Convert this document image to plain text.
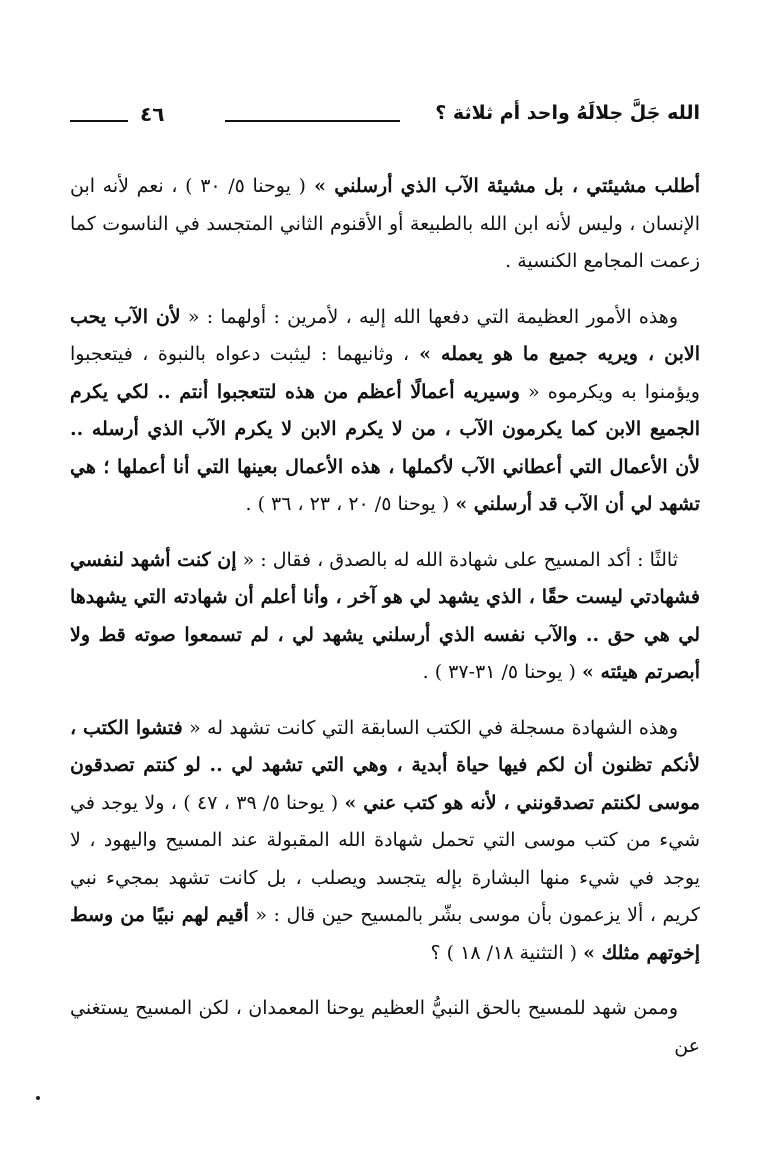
الله جَلَّ جلالَهُ واحد أم ثلاثة ؟
٤٦

أطلب مشيئتي ، بل مشيئة الآب الذي أرسلني » ( يوحنا ٥/ ٣٠ ) ، نعم لأنه ابن الإنسان ، وليس لأنه ابن الله بالطبيعة أو الأقنوم الثاني المتجسد في الناسوت كما زعمت المجامع الكنسية .

وهذه الأمور العظيمة التي دفعها الله إليه ، لأمرين : أولهما : « لأن الآب يحب الابن ، ويريه جميع ما هو يعمله » ، وثانيهما : ليثبت دعواه بالنبوة ، فيتعجبوا ويؤمنوا به ويكرموه « وسيريه أعمالًا أعظم من هذه لتتعجبوا أنتم .. لكي يكرم الجميع الابن كما يكرمون الآب ، من لا يكرم الابن لا يكرم الآب الذي أرسله .. لأن الأعمال التي أعطاني الآب لأكملها ، هذه الأعمال بعينها التي أنا أعملها ؛ هي تشهد لي أن الآب قد أرسلني » ( يوحنا ٥/ ٢٠ ، ٢٣ ، ٣٦ ) .

ثالثًا : أكد المسيح على شهادة الله له بالصدق ، فقال : « إن كنت أشهد لنفسي فشهادتي ليست حقًا ، الذي يشهد لي هو آخر ، وأنا أعلم أن شهادته التي يشهدها لي هي حق .. والآب نفسه الذي أرسلني يشهد لي ، لم تسمعوا صوته قط ولا أبصرتم هيئته » ( يوحنا ٥/ ٣١-٣٧ ) .

وهذه الشهادة مسجلة في الكتب السابقة التي كانت تشهد له « فتشوا الكتب ، لأنكم تظنون أن لكم فيها حياة أبدية ، وهي التي تشهد لي .. لو كنتم تصدقون موسى لكنتم تصدقونني ، لأنه هو كتب عني » ( يوحنا ٥/ ٣٩ ، ٤٧ ) ، ولا يوجد في شيء من كتب موسى التي تحمل شهادة الله المقبولة عند المسيح واليهود ، لا يوجد في شيء منها البشارة بإله يتجسد ويصلب ، بل كانت تشهد بمجيء نبي كريم ، ألا يزعمون بأن موسى بشّر بالمسيح حين قال : « أقيم لهم نبيًا من وسط إخوتهم مثلك » ( التثنية ١٨/ ١٨ ) ؟

وممن شهد للمسيح بالحق النبيُّ العظيم يوحنا المعمدان ، لكن المسيح يستغني عن
